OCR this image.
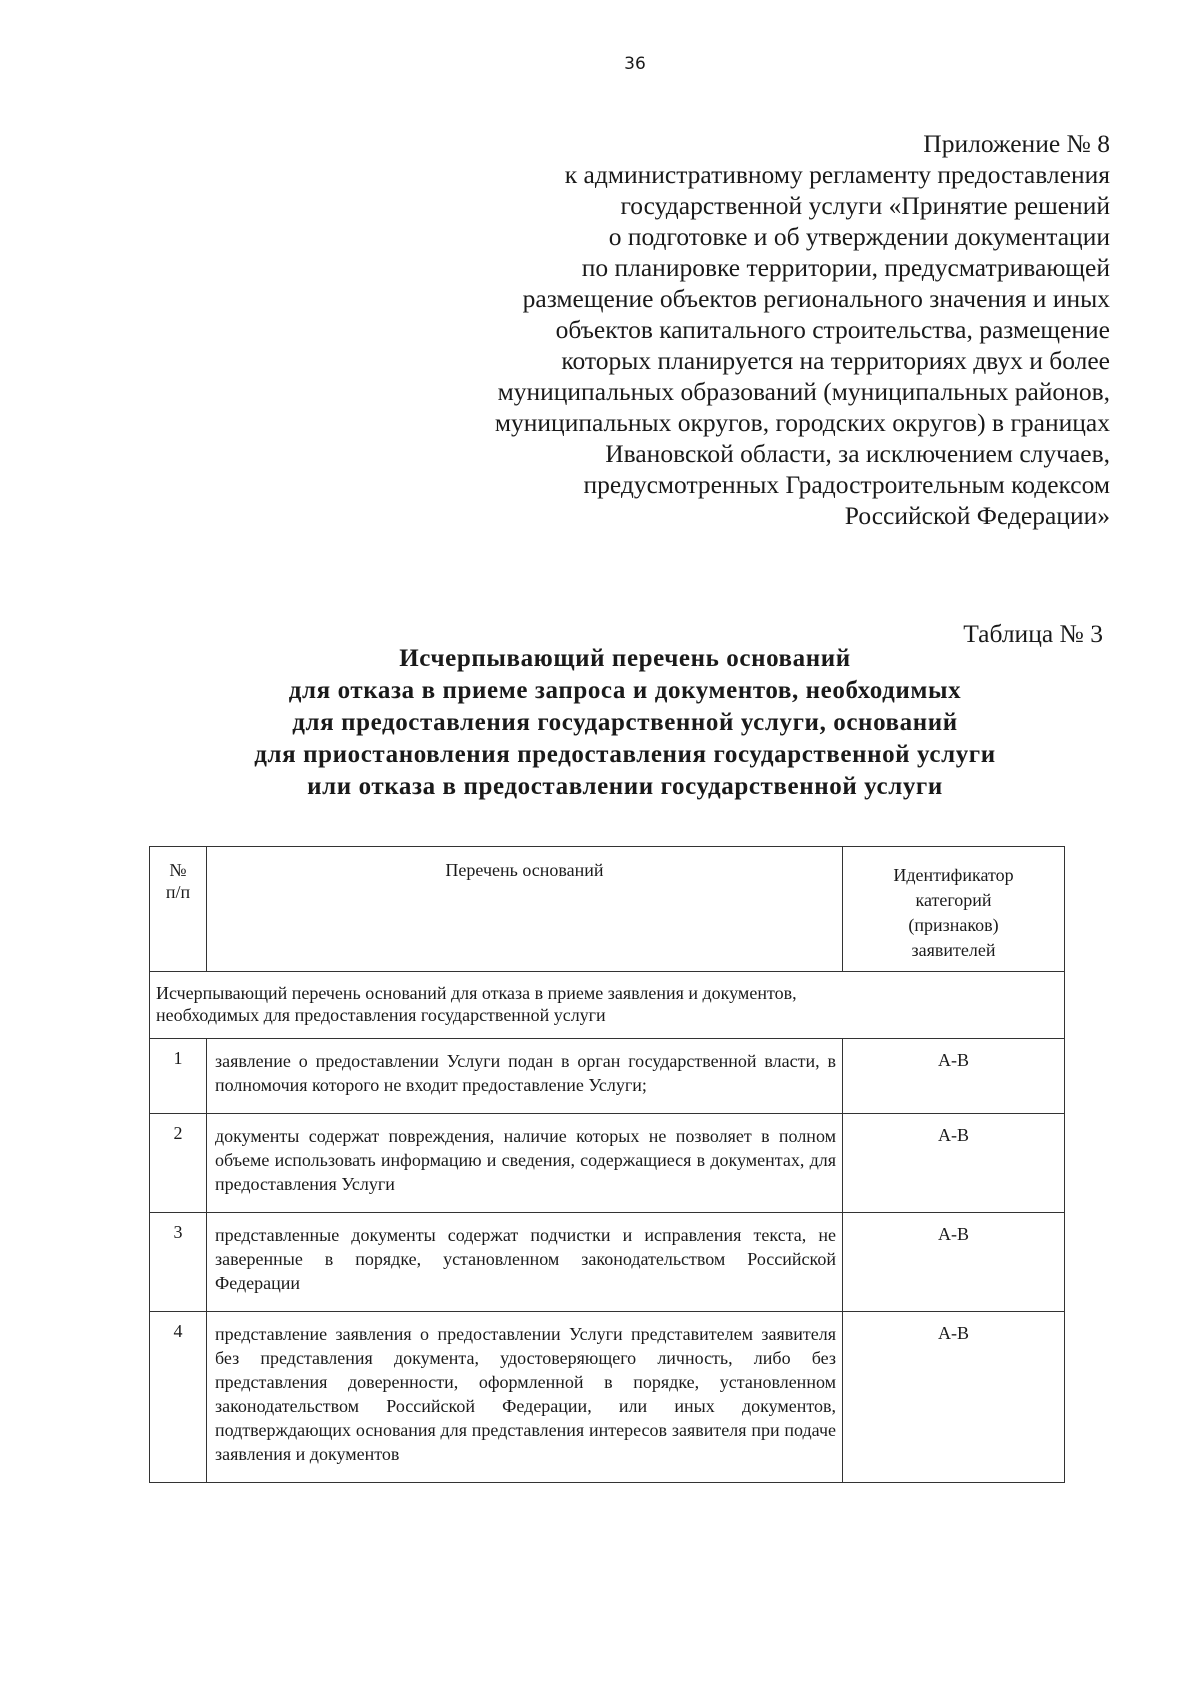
36
Приложение № 8
к административному регламенту предоставления
государственной услуги «Принятие решений
о подготовке и об утверждении документации
по планировке территории, предусматривающей
размещение объектов регионального значения и иных
объектов капитального строительства, размещение
которых планируется на территориях двух и более
муниципальных образований (муниципальных районов,
муниципальных округов, городских округов) в границах
Ивановской области, за исключением случаев,
предусмотренных Градостроительным кодексом
Российской Федерации»
Таблица № 3
Исчерпывающий перечень оснований
для отказа в приеме запроса и документов, необходимых
для предоставления государственной услуги, оснований
для приостановления предоставления государственной услуги
или отказа в предоставлении государственной услуги
№
п/п	Перечень оснований	Идентификатор
категорий
(признаков)
заявителей
Исчерпывающий перечень оснований для отказа в приеме заявления и документов,
необходимых для предоставления государственной услуги		
1	заявление о предоставлении Услуги подан в орган государственной власти, в полномочия которого не входит предоставление Услуги;	А-В
2	документы содержат повреждения, наличие которых не позволяет в полном объеме использовать информацию и сведения, содержащиеся в документах, для предоставления Услуги	А-В
3	представленные документы содержат подчистки и исправления текста, не заверенные в порядке, установленном законодательством Российской Федерации	А-В
4	представление заявления о предоставлении Услуги представителем заявителя без представления документа, удостоверяющего личность, либо без представления доверенности, оформленной в порядке, установленном законодательством Российской Федерации, или иных документов, подтверждающих основания для представления интересов заявителя при подаче заявления и документов	А-В
